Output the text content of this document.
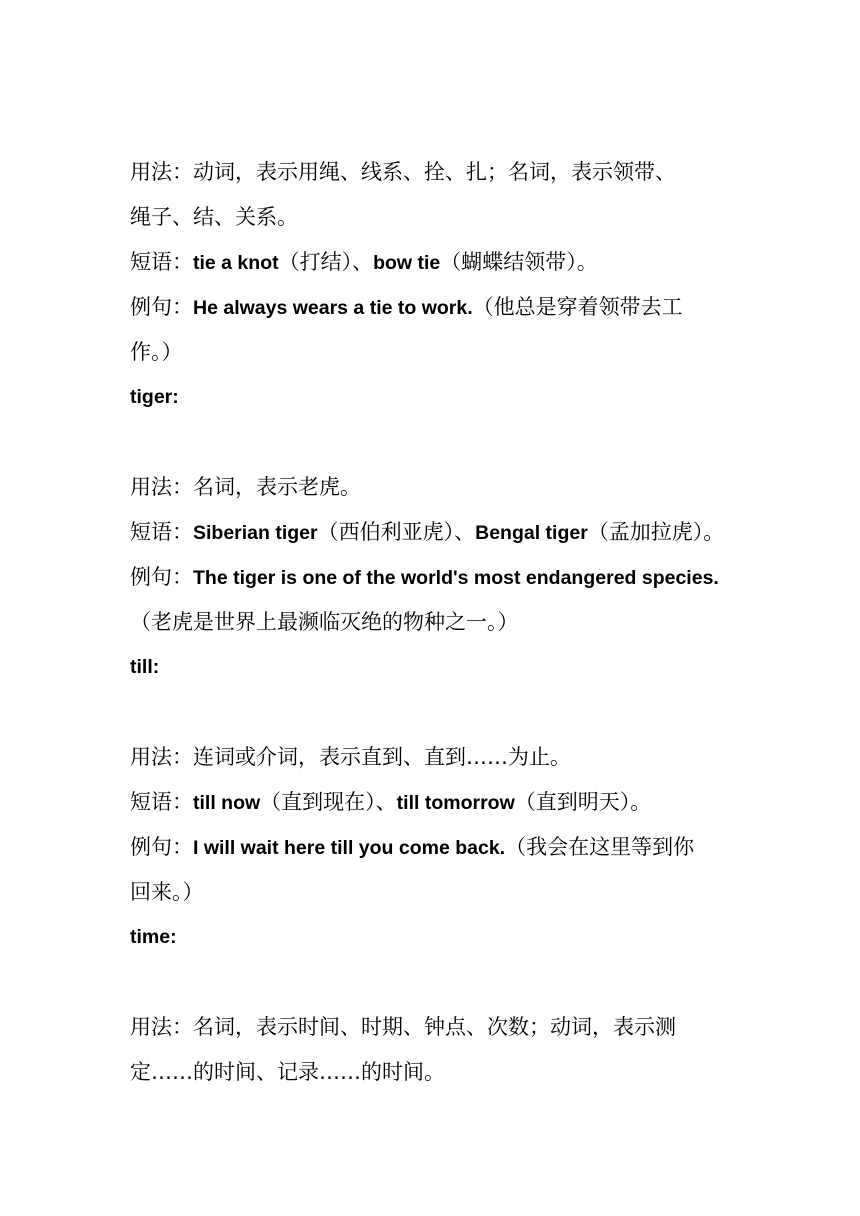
用法：动词，表示用绳、线系、拴、扎；名词，表示领带、
绳子、结、关系。
短语：tie a knot（打结）、bow tie（蝴蝶结领带）。
例句：He always wears a tie to work.（他总是穿着领带去工
作。）
tiger:
用法：名词，表示老虎。
短语：Siberian tiger（西伯利亚虎）、Bengal tiger（孟加拉虎）。
例句：The tiger is one of the world's most endangered species.
（老虎是世界上最濒临灭绝的物种之一。）
till:
用法：连词或介词，表示直到、直到……为止。
短语：till now（直到现在）、till tomorrow（直到明天）。
例句：I will wait here till you come back.（我会在这里等到你
回来。）
time:
用法：名词，表示时间、时期、钟点、次数；动词，表示测
定……的时间、记录……的时间。
